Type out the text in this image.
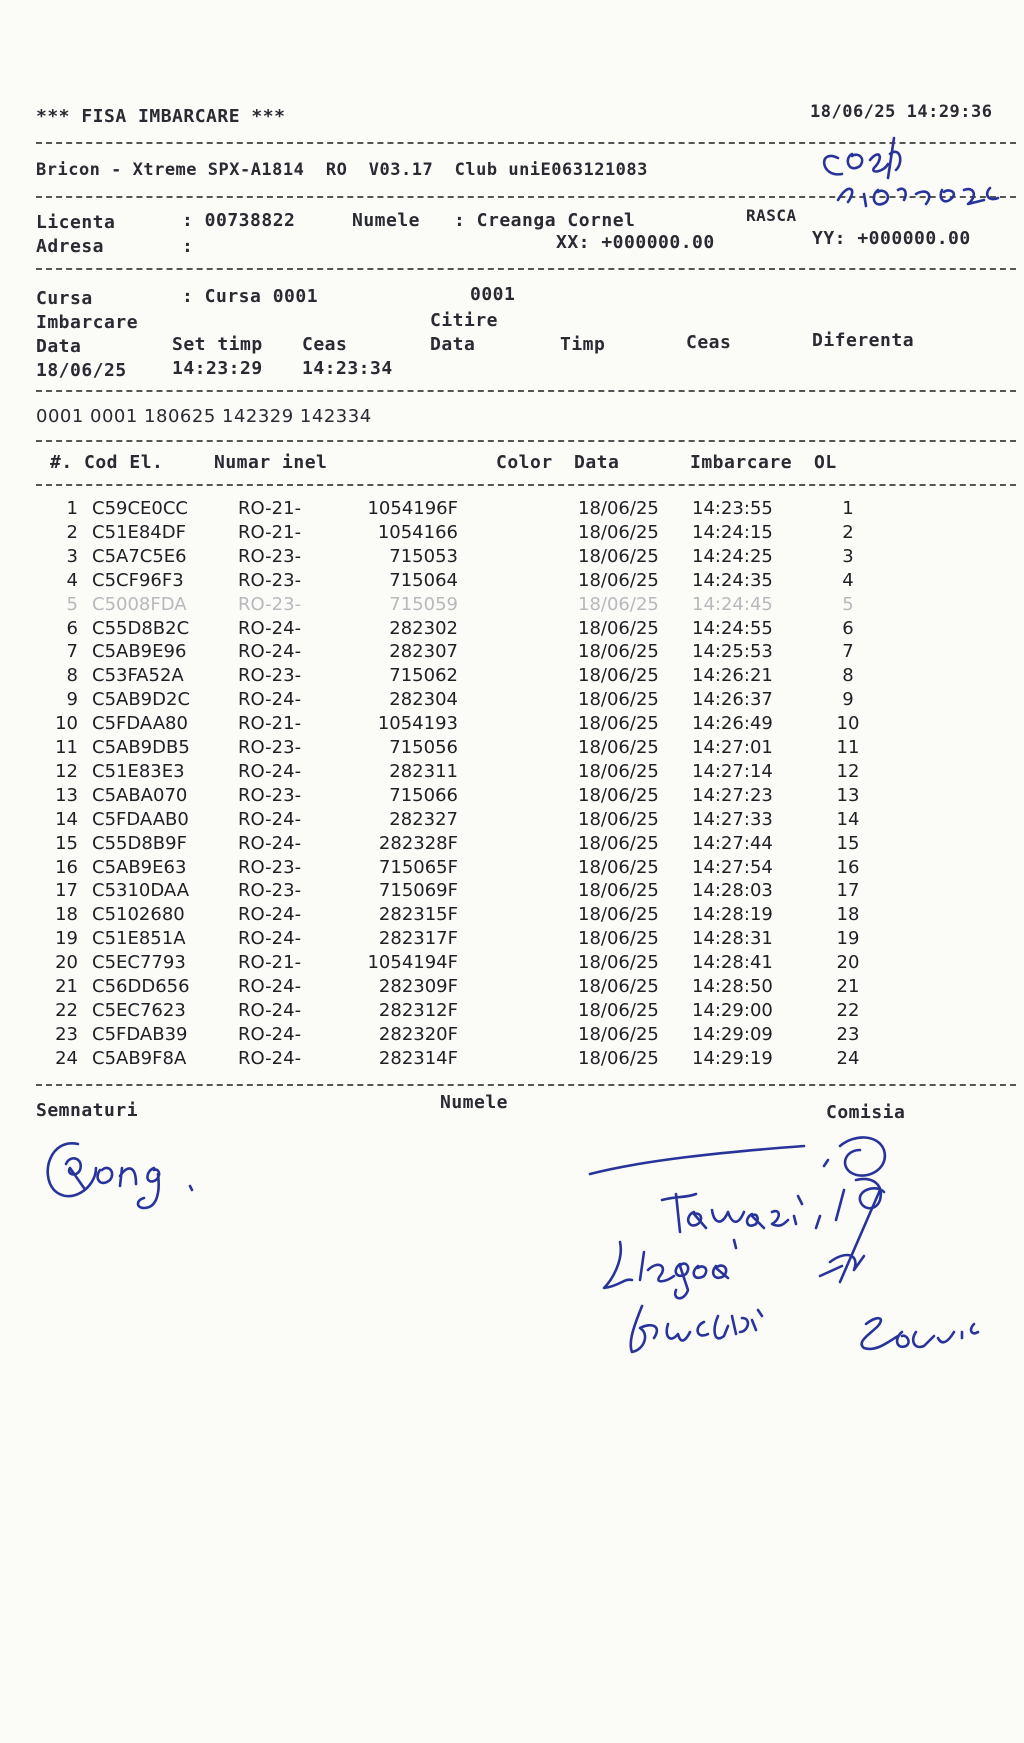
*** FISA IMBARCARE ***	18/06/25 14:29:36
Bricon - Xtreme SPX-A1814  RO  V03.17  Club uniE063121083
Licenta	: 00738822	Numele : Creanga Cornel	RASCA
Adresa	:	XX: +000000.00	YY: +000000.00
Cursa	: Cursa 0001	0001
Imbarcare	Citire
Data	Set timp Ceas	Data	Timp	Ceas	Diferenta
18/06/25	14:23:29 14:23:34
0001 0001 180625 142329 142334
#. Cod El.	Numar inel	Color Data	Imbarcare OL
1 C59CE0CC	RO-21-	1054196F	18/06/25 14:23:55	1
2 C51E84DF	RO-21-	1054166	18/06/25 14:24:15	2
3 C5A7C5E6	RO-23-	715053	18/06/25 14:24:25	3
4 C5CF96F3	RO-23-	715064	18/06/25 14:24:35	4
5 C5008FDA	RO-23-	715059	18/06/25 14:24:45	5
6 C55D8B2C	RO-24-	282302	18/06/25 14:24:55	6
7 C5AB9E96	RO-24-	282307	18/06/25 14:25:53	7
8 C53FA52A	RO-23-	715062	18/06/25 14:26:21	8
9 C5AB9D2C	RO-24-	282304	18/06/25 14:26:37	9
10 C5FDAA80	RO-21-	1054193	18/06/25 14:26:49	10
11 C5AB9DB5	RO-23-	715056	18/06/25 14:27:01	11
12 C51E83E3	RO-24-	282311	18/06/25 14:27:14	12
13 C5ABA070	RO-23-	715066	18/06/25 14:27:23	13
14 C5FDAAB0	RO-24-	282327	18/06/25 14:27:33	14
15 C55D8B9F	RO-24-	282328F	18/06/25 14:27:44	15
16 C5AB9E63	RO-23-	715065F	18/06/25 14:27:54	16
17 C5310DAA	RO-23-	715069F	18/06/25 14:28:03	17
18 C5102680	RO-24-	282315F	18/06/25 14:28:19	18
19 C51E851A	RO-24-	282317F	18/06/25 14:28:31	19
20 C5EC7793	RO-21-	1054194F	18/06/25 14:28:41	20
21 C56DD656	RO-24-	282309F	18/06/25 14:28:50	21
22 C5EC7623	RO-24-	282312F	18/06/25 14:29:00	22
23 C5FDAB39	RO-24-	282320F	18/06/25 14:29:09	23
24 C5AB9F8A	RO-24-	282314F	18/06/25 14:29:19	24
Semnaturi	Numele	Comisia
